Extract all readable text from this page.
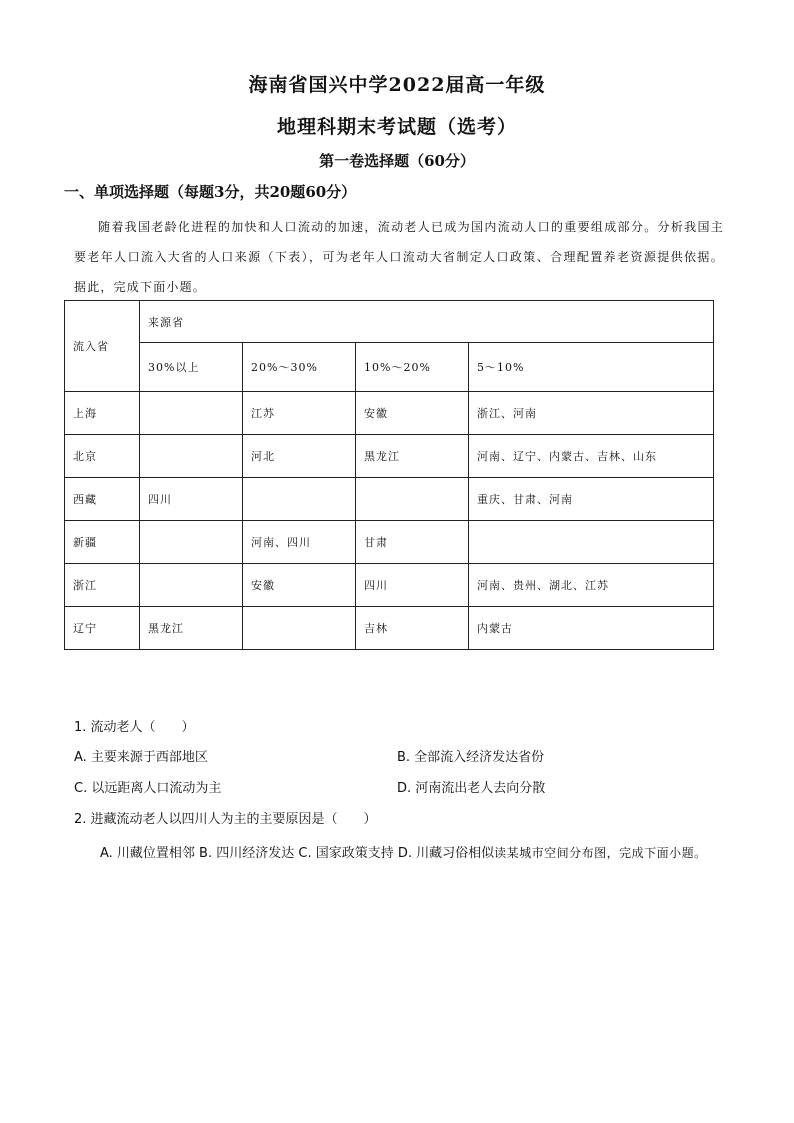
海南省国兴中学2022届高一年级
地理科期末考试题（选考）
第一卷选择题（60分）
一、单项选择题（每题3分，共20题60分）
随着我国老龄化进程的加快和人口流动的加速，流动老人已成为国内流动人口的重要组成部分。分析我国主要老年人口流入大省的人口来源（下表），可为老年人口流动大省制定人口政策、合理配置养老资源提供依据。据此，完成下面小题。
流入省	来源省			
	30%以上	20%～30%	10%～20%	5～10%
上海		江苏	安徽	浙江、河南
北京		河北	黑龙江	河南、辽宁、内蒙古、吉林、山东
西藏	四川			重庆、甘肃、河南
新疆		河南、四川	甘肃	
浙江		安徽	四川	河南、贵州、湖北、江苏
辽宁	黑龙江		吉林	内蒙古
1. 流动老人（　　）
A. 主要来源于西部地区	B. 全部流入经济发达省份
C. 以远距离人口流动为主	D. 河南流出老人去向分散
2. 进藏流动老人以四川人为主的主要原因是（　　）
A. 川藏位置相邻 B. 四川经济发达 C. 国家政策支持 D. 川藏习俗相似读某城市空间分布图，完成下面小题。
